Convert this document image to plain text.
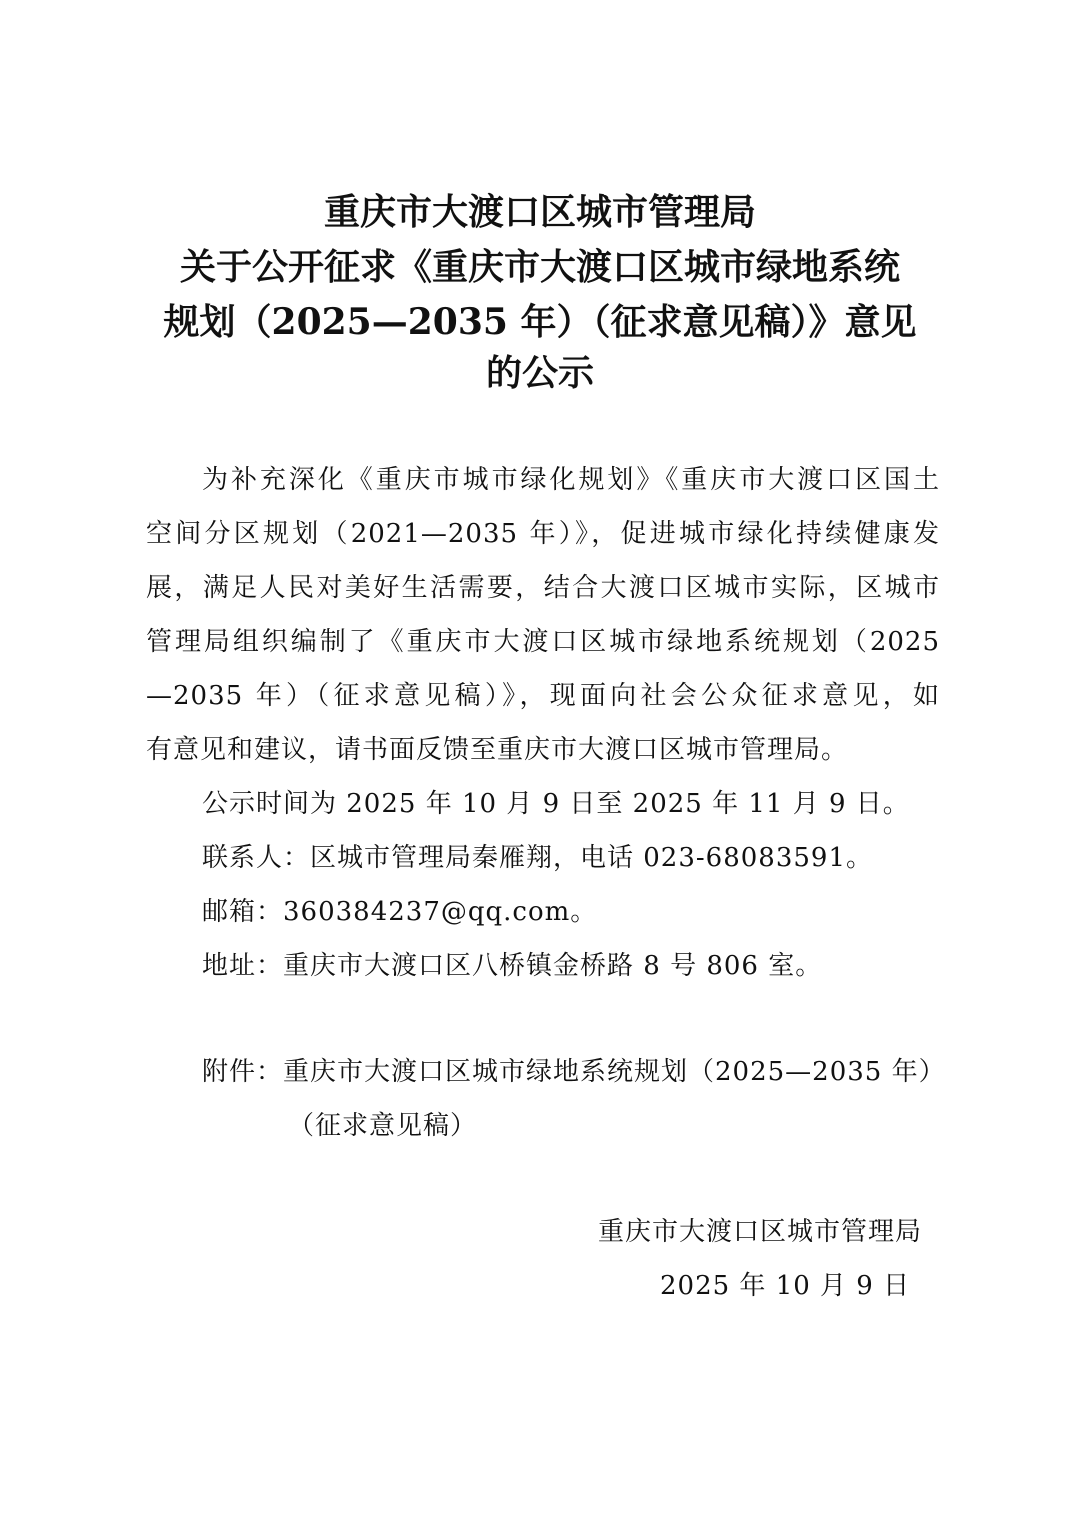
重庆市大渡口区城市管理局
关于公开征求《重庆市大渡口区城市绿地系统
规划（2025—2035 年）（征求意见稿）》意见
的公示
为补充深化《重庆市城市绿化规划》《重庆市大渡口区国土
空间分区规划（2021—2035 年）》，促进城市绿化持续健康发
展，满足人民对美好生活需要，结合大渡口区城市实际，区城市
管理局组织编制了《重庆市大渡口区城市绿地系统规划（2025
—2035 年）（征求意见稿）》，现面向社会公众征求意见，如
有意见和建议，请书面反馈至重庆市大渡口区城市管理局。
公示时间为 2025 年 10 月 9 日至 2025 年 11 月 9 日。
联系人：区城市管理局秦雁翔，电话 023-68083591。
邮箱：360384237@qq.com。
地址：重庆市大渡口区八桥镇金桥路 8 号 806 室。
附件：重庆市大渡口区城市绿地系统规划（2025—2035 年）
（征求意见稿）
重庆市大渡口区城市管理局
2025 年 10 月 9 日
